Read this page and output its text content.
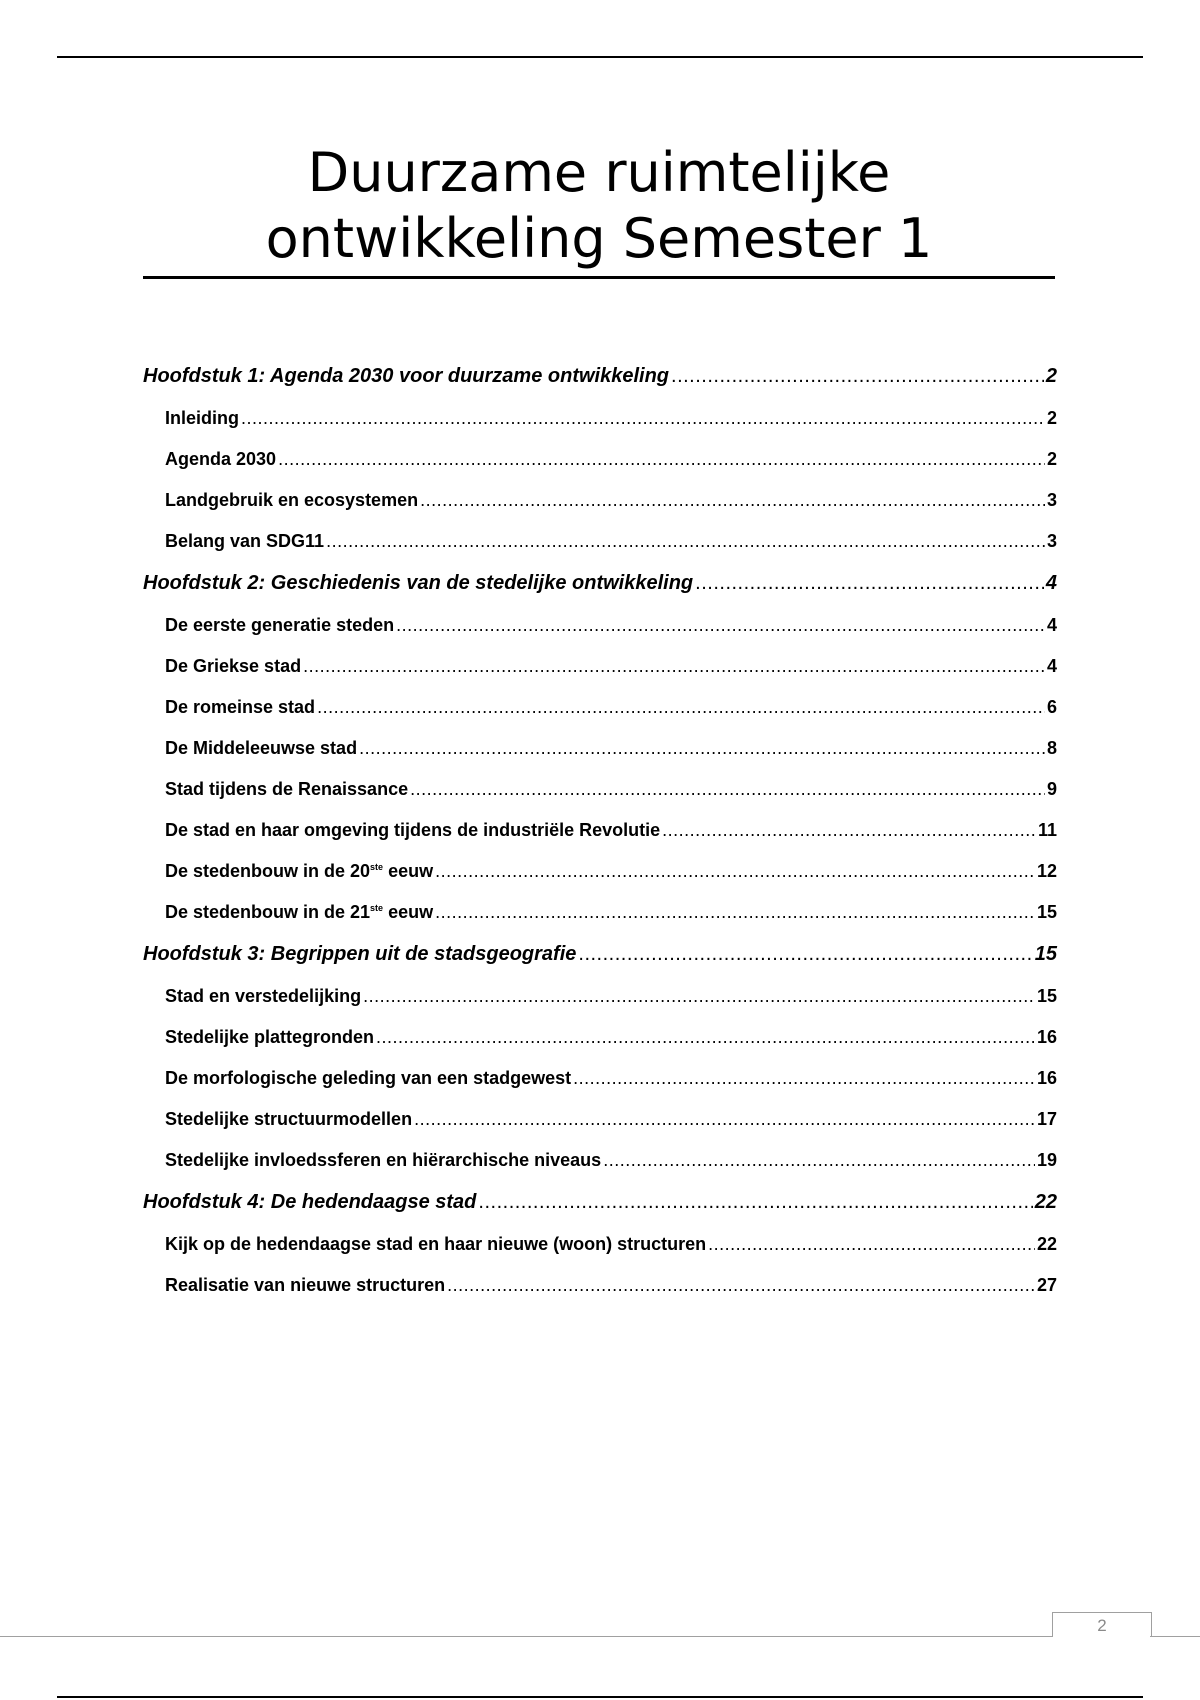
Duurzame ruimtelijke ontwikkeling Semester 1
Hoofdstuk 1: Agenda 2030 voor duurzame ontwikkeling .....	2
Inleiding .....	2
Agenda 2030 .....	2
Landgebruik en ecosystemen .....	3
Belang van SDG11 .....	3
Hoofdstuk 2: Geschiedenis van de stedelijke ontwikkeling .....	4
De eerste generatie steden .....	4
De Griekse stad .....	4
De romeinse stad .....	6
De Middeleeuwse stad .....	8
Stad tijdens de Renaissance .....	9
De stad en haar omgeving tijdens de industriële Revolutie .....	11
De stedenbouw in de 20ste eeuw .....	12
De stedenbouw in de 21ste eeuw .....	15
Hoofdstuk 3: Begrippen uit de stadsgeografie .....	15
Stad en verstedelijking .....	15
Stedelijke plattegronden .....	16
De morfologische geleding van een stadgewest .....	16
Stedelijke structuurmodellen .....	17
Stedelijke invloedssferen en hiërarchische niveaus .....	19
Hoofdstuk 4: De hedendaagse stad .....	22
Kijk op de hedendaagse stad en haar nieuwe (woon) structuren .....	22
Realisatie van nieuwe structuren .....	27
2
